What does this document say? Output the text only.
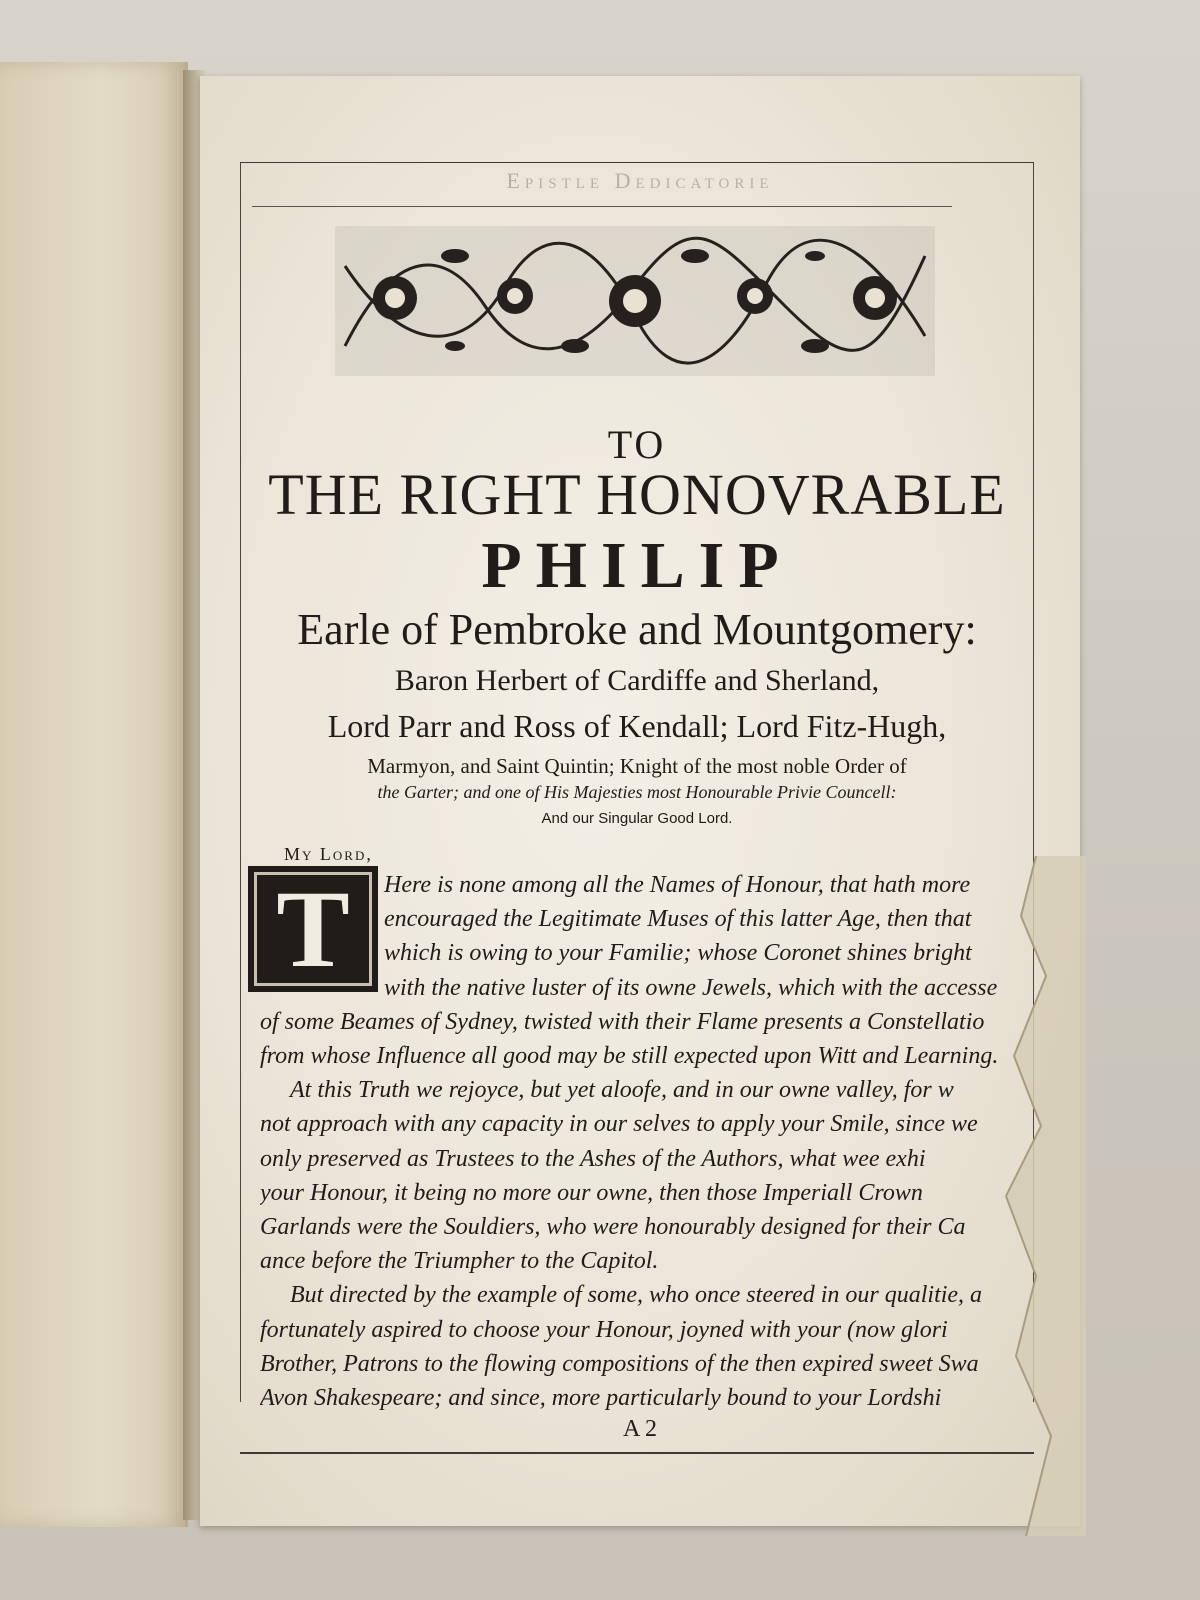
Epistle Dedicatorie
TO
THE RIGHT HONOVRABLE
PHILIP
Earle of Pembroke and Mountgomery:
Baron Herbert of Cardiffe and Sherland,
Lord Parr and Ross of Kendall; Lord Fitz-Hugh,
Marmyon, and Saint Quintin; Knight of the most noble Order of
the Garter; and one of His Majesties most Honourable Privie Councell:
And our Singular Good Lord.
My Lord,
T	Here is none among all the Names of Honour, that hath more
encouraged the Legitimate Muses of this latter Age, then that
which is owing to your Familie; whose Coronet shines bright
with the native luster of its owne Jewels, which with the accesse
of some Beames of Sydney, twisted with their Flame presents a Constellatio
from whose Influence all good may be still expected upon Witt and Learning.
At this Truth we rejoyce, but yet aloofe, and in our owne valley, for w
not approach with any capacity in our selves to apply your Smile, since we
only preserved as Trustees to the Ashes of the Authors, what wee exhi
your Honour, it being no more our owne, then those Imperiall Crown
Garlands were the Souldiers, who were honourably designed for their Ca
ance before the Triumpher to the Capitol.
But directed by the example of some, who once steered in our qualitie, a
fortunately aspired to choose your Honour, joyned with your (now glori
Brother, Patrons to the flowing compositions of the then expired sweet Swa
Avon Shakespeare; and since, more particularly bound to your Lordshi
A 2
